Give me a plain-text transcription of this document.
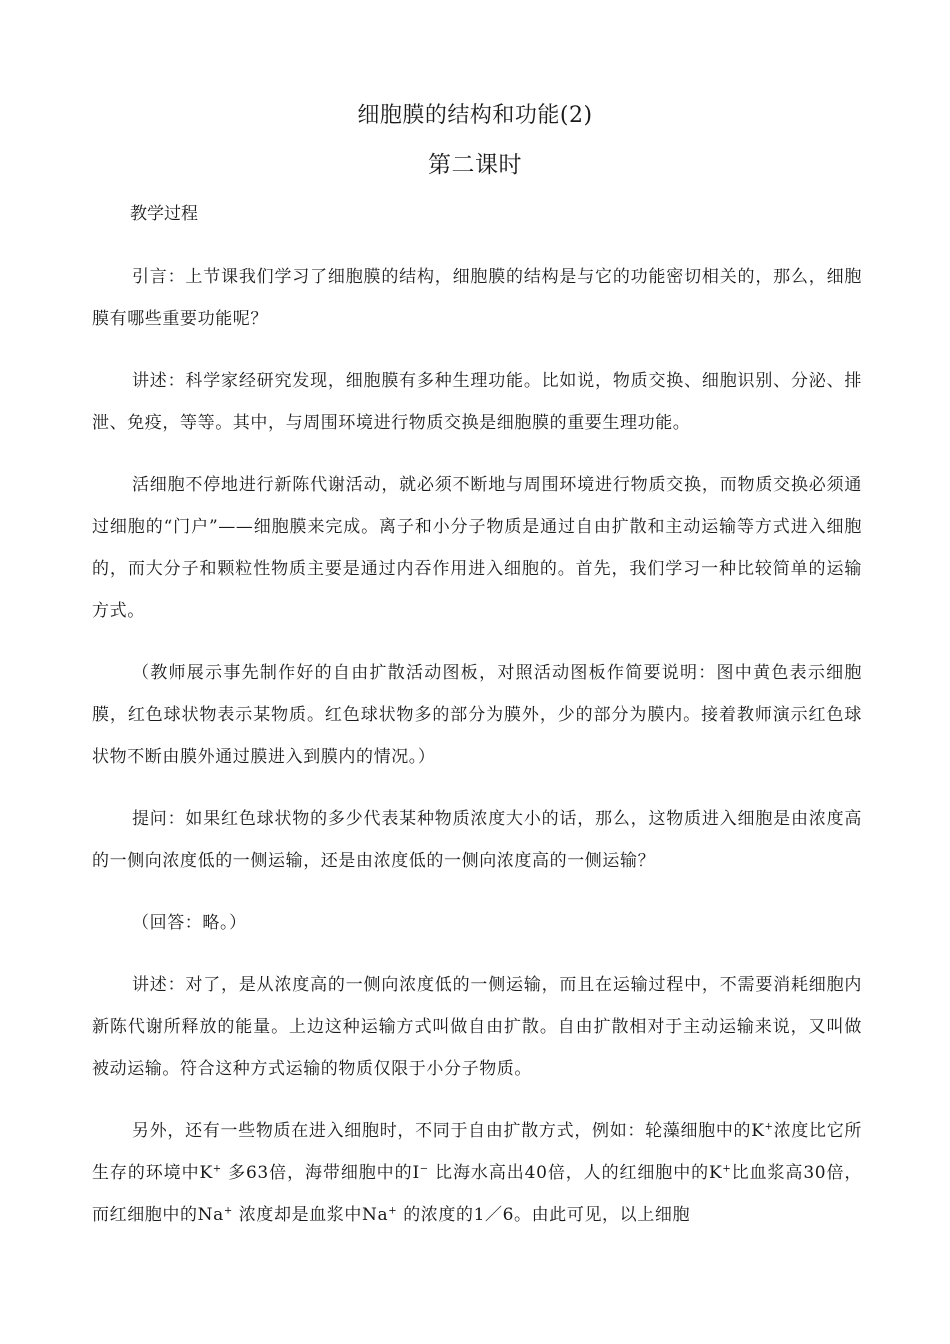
细胞膜的结构和功能(2)
第二课时

教学过程

引言：上节课我们学习了细胞膜的结构，细胞膜的结构是与它的功能密切相关的，那么，细胞膜有哪些重要功能呢？

讲述：科学家经研究发现，细胞膜有多种生理功能。比如说，物质交换、细胞识别、分泌、排泄、免疫，等等。其中，与周围环境进行物质交换是细胞膜的重要生理功能。

活细胞不停地进行新陈代谢活动，就必须不断地与周围环境进行物质交换，而物质交换必须通过细胞的“门户”——细胞膜来完成。离子和小分子物质是通过自由扩散和主动运输等方式进入细胞的，而大分子和颗粒性物质主要是通过内吞作用进入细胞的。首先，我们学习一种比较简单的运输方式。

（教师展示事先制作好的自由扩散活动图板，对照活动图板作简要说明：图中黄色表示细胞膜，红色球状物表示某物质。红色球状物多的部分为膜外，少的部分为膜内。接着教师演示红色球状物不断由膜外通过膜进入到膜内的情况。）

提问：如果红色球状物的多少代表某种物质浓度大小的话，那么，这物质进入细胞是由浓度高的一侧向浓度低的一侧运输，还是由浓度低的一侧向浓度高的一侧运输？

（回答：略。）

讲述：对了，是从浓度高的一侧向浓度低的一侧运输，而且在运输过程中，不需要消耗细胞内新陈代谢所释放的能量。上边这种运输方式叫做自由扩散。自由扩散相对于主动运输来说，又叫做被动运输。符合这种方式运输的物质仅限于小分子物质。

另外，还有一些物质在进入细胞时，不同于自由扩散方式，例如：轮藻细胞中的K+浓度比它所生存的环境中K+ 多63倍，海带细胞中的I− 比海水高出40倍，人的红细胞中的K+比血浆高30倍，而红细胞中的Na+ 浓度却是血浆中Na+ 的浓度的1／6。由此可见，以上细胞
